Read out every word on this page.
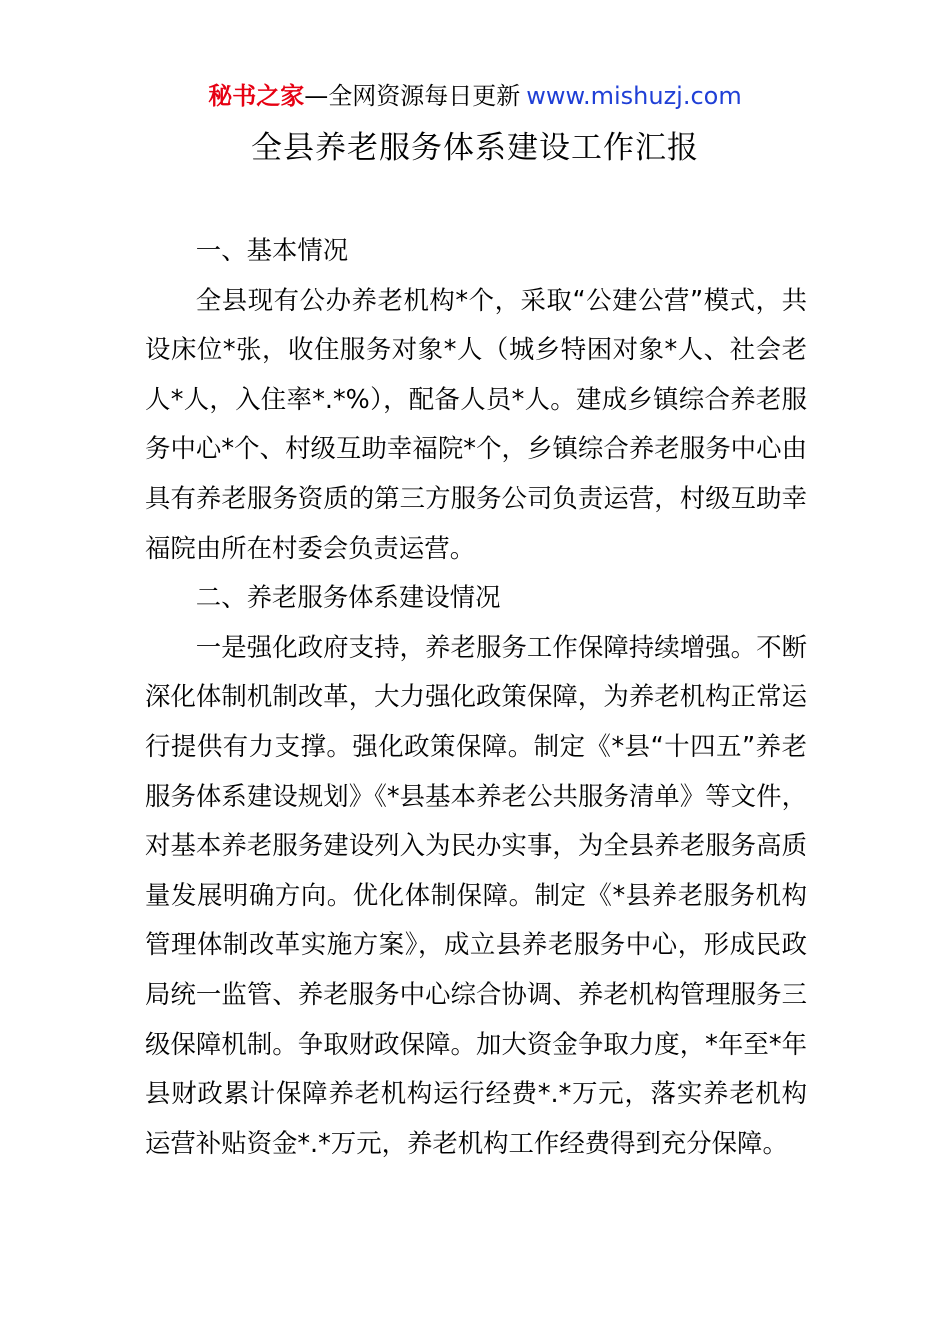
秘书之家—全网资源每日更新 www.mishuzj.com
全县养老服务体系建设工作汇报

一、基本情况

全县现有公办养老机构*个，采取“公建公营”模式，共设床位*张，收住服务对象*人（城乡特困对象*人、社会老人*人，入住率*.*%），配备人员*人。建成乡镇综合养老服务中心*个、村级互助幸福院*个，乡镇综合养老服务中心由具有养老服务资质的第三方服务公司负责运营，村级互助幸福院由所在村委会负责运营。

二、养老服务体系建设情况

一是强化政府支持，养老服务工作保障持续增强。不断深化体制机制改革，大力强化政策保障，为养老机构正常运行提供有力支撑。强化政策保障。制定《*县“十四五”养老服务体系建设规划》《*县基本养老公共服务清单》等文件，对基本养老服务建设列入为民办实事，为全县养老服务高质量发展明确方向。优化体制保障。制定《*县养老服务机构管理体制改革实施方案》，成立县养老服务中心，形成民政局统一监管、养老服务中心综合协调、养老机构管理服务三级保障机制。争取财政保障。加大资金争取力度，*年至*年县财政累计保障养老机构运行经费*.*万元，落实养老机构运营补贴资金*.*万元，养老机构工作经费得到充分保障。
